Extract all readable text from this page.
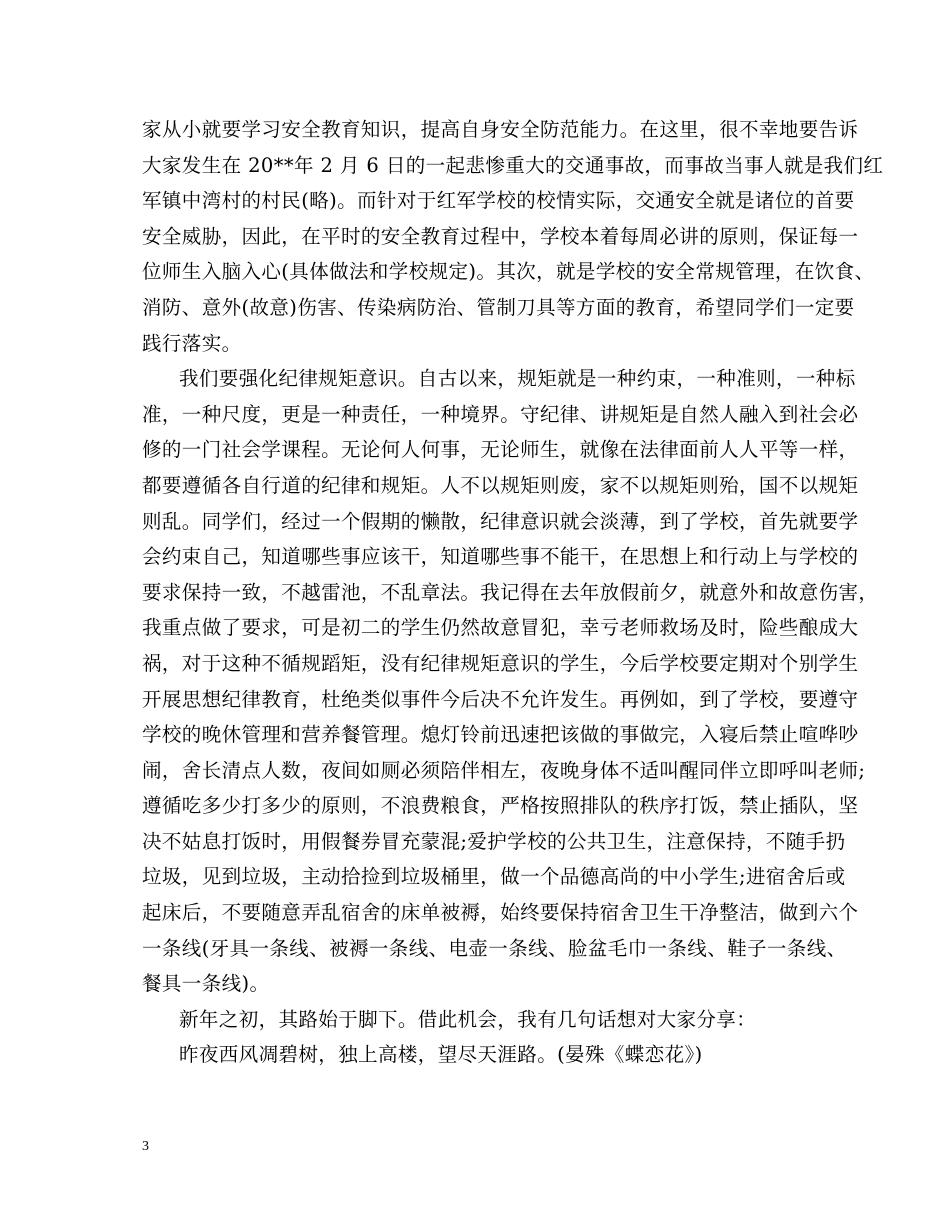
家从小就要学习安全教育知识，提高自身安全防范能力。在这里，很不幸地要告诉
大家发生在 20**年 2 月 6 日的一起悲惨重大的交通事故，而事故当事人就是我们红
军镇中湾村的村民(略)。而针对于红军学校的校情实际，交通安全就是诸位的首要
安全威胁，因此，在平时的安全教育过程中，学校本着每周必讲的原则，保证每一
位师生入脑入心(具体做法和学校规定)。其次，就是学校的安全常规管理，在饮食、
消防、意外(故意)伤害、传染病防治、管制刀具等方面的教育，希望同学们一定要
践行落实。
我们要强化纪律规矩意识。自古以来，规矩就是一种约束，一种准则，一种标
准，一种尺度，更是一种责任，一种境界。守纪律、讲规矩是自然人融入到社会必
修的一门社会学课程。无论何人何事，无论师生，就像在法律面前人人平等一样，
都要遵循各自行道的纪律和规矩。人不以规矩则废，家不以规矩则殆，国不以规矩
则乱。同学们，经过一个假期的懒散，纪律意识就会淡薄，到了学校，首先就要学
会约束自己，知道哪些事应该干，知道哪些事不能干，在思想上和行动上与学校的
要求保持一致，不越雷池，不乱章法。我记得在去年放假前夕，就意外和故意伤害，
我重点做了要求，可是初二的学生仍然故意冒犯，幸亏老师救场及时，险些酿成大
祸，对于这种不循规蹈矩，没有纪律规矩意识的学生，今后学校要定期对个别学生
开展思想纪律教育，杜绝类似事件今后决不允许发生。再例如，到了学校，要遵守
学校的晚休管理和营养餐管理。熄灯铃前迅速把该做的事做完，入寝后禁止喧哗吵
闹，舍长清点人数，夜间如厕必须陪伴相左，夜晚身体不适叫醒同伴立即呼叫老师;
遵循吃多少打多少的原则，不浪费粮食，严格按照排队的秩序打饭，禁止插队，坚
决不姑息打饭时，用假餐券冒充蒙混;爱护学校的公共卫生，注意保持，不随手扔
垃圾，见到垃圾，主动拾捡到垃圾桶里，做一个品德高尚的中小学生;进宿舍后或
起床后，不要随意弄乱宿舍的床单被褥，始终要保持宿舍卫生干净整洁，做到六个
一条线(牙具一条线、被褥一条线、电壶一条线、脸盆毛巾一条线、鞋子一条线、
餐具一条线)。
新年之初，其路始于脚下。借此机会，我有几句话想对大家分享：
昨夜西风凋碧树，独上高楼，望尽天涯路。(晏殊《蝶恋花》)
3
